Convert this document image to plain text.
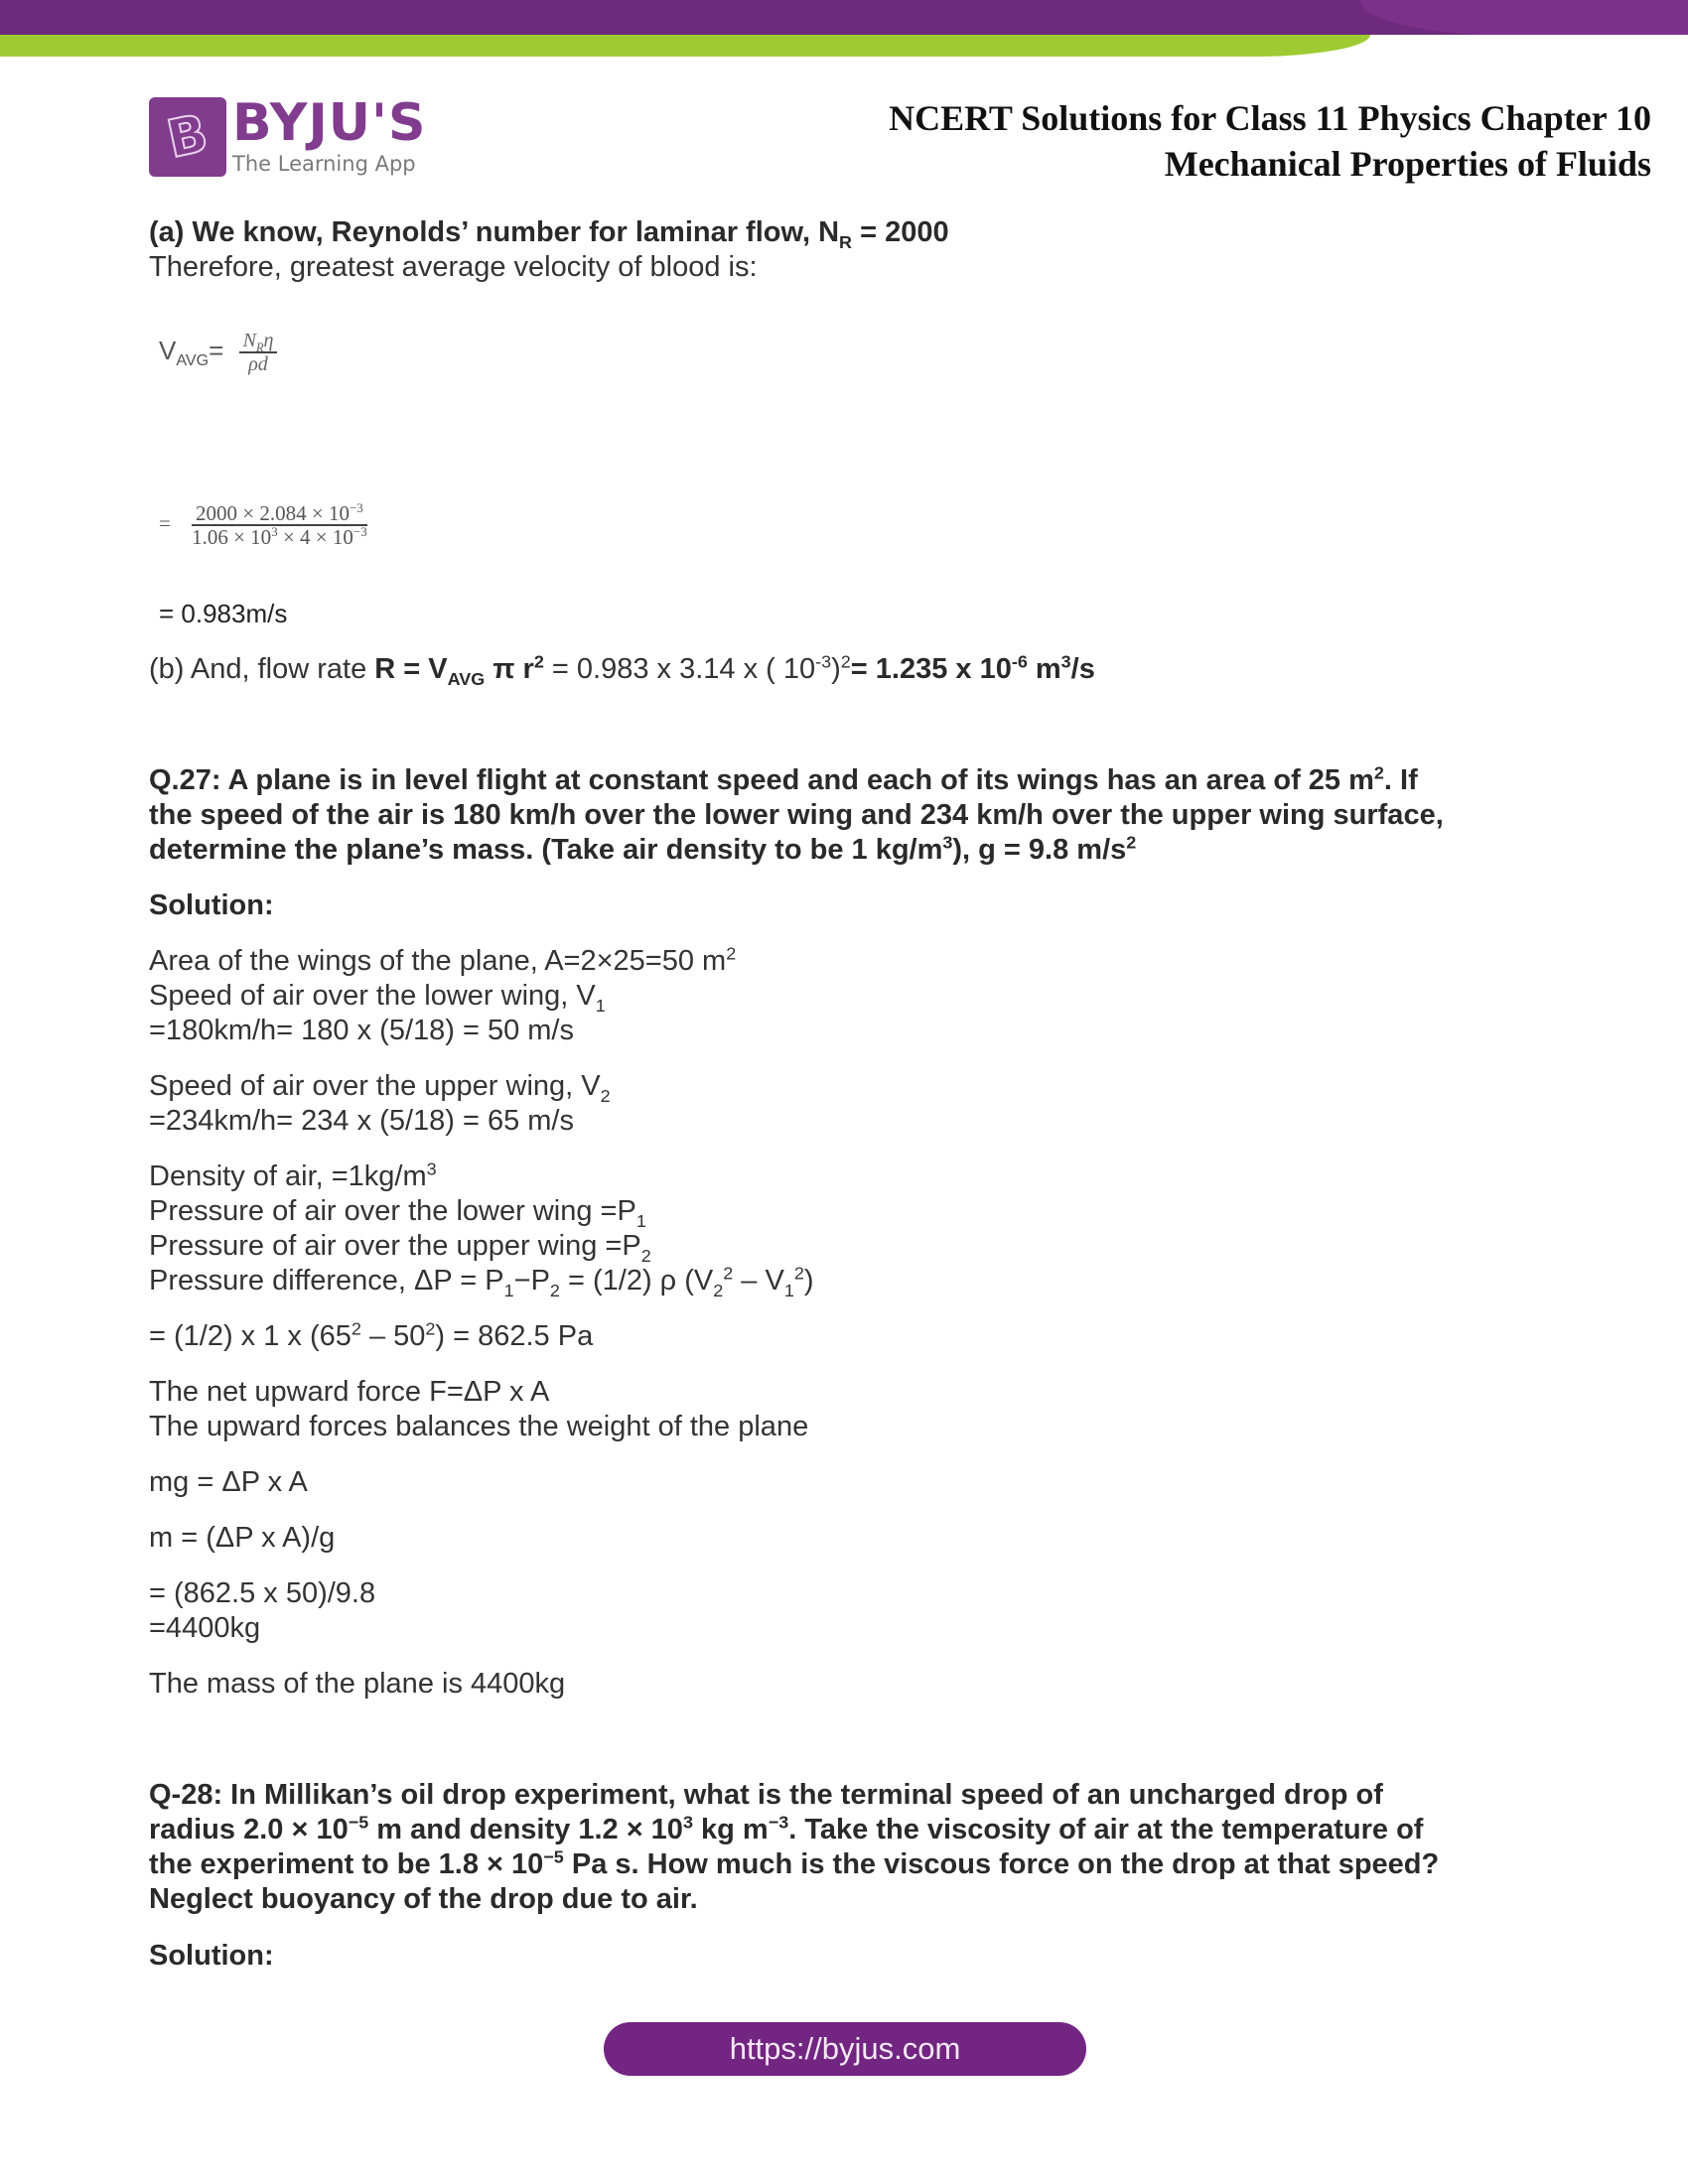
B BYJU'S
The Learning App
NCERT Solutions for Class 11 Physics Chapter 10
Mechanical Properties of Fluids
(a) We know, Reynolds’ number for laminar flow, $N_R = 2000$
Therefore, greatest average velocity of blood is:
$V_{AVG}= \frac{N_R\eta}{\rho d}$
= $\frac{2000 \times 2.084 \times 10^{-3}}{1.06 \times 10^3 \times 4 \times 10^{-3}}$
= 0.983m/s
(b) And, flow rate $R = V_{AVG}$ π $r^2 = 0.983$ x 3.14 x ( $10^{-3})^2= 1.235$ x $10^{-6}$ $m^3/s$
Q.27: A plane is in level flight at constant speed and each of its wings has an area of 25 $m^2$. If
the speed of the air is 180 km/h over the lower wing and 234 km/h over the upper wing surface,
determine the plane’s mass. (Take air density to be 1 $kg/m^3$), g = 9.8 $m/s^2$
Solution:
Area of the wings of the plane, A=2×25=50 $m^2$
Speed of air over the lower wing, $V_1$
=180km/h= 180 x (5/18) = 50 m/s
Speed of air over the upper wing, $V_2$
=234km/h= 234 x (5/18) = 65 m/s
Density of air, $=1kg/m^3$
Pressure of air over the lower wing $=P_1$
Pressure of air over the upper wing $=P_2$
Pressure difference, $\Delta P = P_1-P_2 = (1/2)$ ρ $(V_2^2 - V_1^2)$
= (1/2) x 1 x $(65^2 - 50^2) = 862.5$ Pa
The net upward force F=ΔP x A
The upward forces balances the weight of the plane
mg = ΔP x A
m = (ΔP x A)/g
= (862.5 x 50)/9.8
=4400kg
The mass of the plane is 4400kg
Q-28: In Millikan’s oil drop experiment, what is the terminal speed of an uncharged drop of
radius $2.0 \times 10^{-5}$ m and density $1.2 \times 10^3$ kg $m^{-3}$. Take the viscosity of air at the temperature of
the experiment to be $1.8 \times 10^{-5}$ Pa s. How much is the viscous force on the drop at that speed?
Neglect buoyancy of the drop due to air.
Solution:
https://byjus.com
